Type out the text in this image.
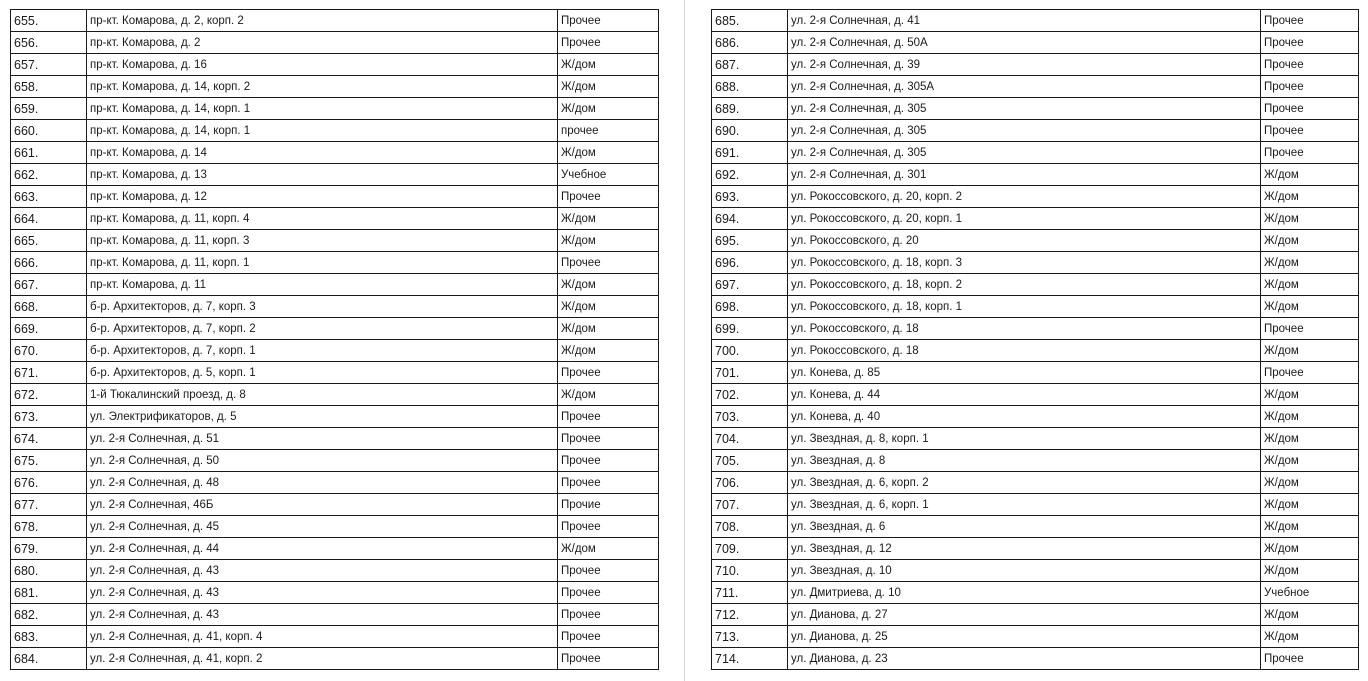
655.	пр-кт. Комарова, д. 2, корп. 2	Прочее
656.	пр-кт. Комарова, д. 2	Прочее
657.	пр-кт. Комарова, д. 16	Ж/дом
658.	пр-кт. Комарова, д. 14, корп. 2	Ж/дом
659.	пр-кт. Комарова, д. 14, корп. 1	Ж/дом
660.	пр-кт. Комарова, д. 14, корп. 1	прочее
661.	пр-кт. Комарова, д. 14	Ж/дом
662.	пр-кт. Комарова, д. 13	Учебное
663.	пр-кт. Комарова, д. 12	Прочее
664.	пр-кт. Комарова, д. 11, корп. 4	Ж/дом
665.	пр-кт. Комарова, д. 11, корп. 3	Ж/дом
666.	пр-кт. Комарова, д. 11, корп. 1	Прочее
667.	пр-кт. Комарова, д. 11	Ж/дом
668.	б-р. Архитекторов, д. 7, корп. 3	Ж/дом
669.	б-р. Архитекторов, д. 7, корп. 2	Ж/дом
670.	б-р. Архитекторов, д. 7, корп. 1	Ж/дом
671.	б-р. Архитекторов, д. 5, корп. 1	Прочее
672.	1-й Тюкалинский проезд, д. 8	Ж/дом
673.	ул. Электрификаторов, д. 5	Прочее
674.	ул. 2-я Солнечная, д. 51	Прочее
675.	ул. 2-я Солнечная, д. 50	Прочее
676.	ул. 2-я Солнечная, д. 48	Прочее
677.	ул. 2-я Солнечная, 46Б	Прочие
678.	ул. 2-я Солнечная, д. 45	Прочее
679.	ул. 2-я Солнечная, д. 44	Ж/дом
680.	ул. 2-я Солнечная, д. 43	Прочее
681.	ул. 2-я Солнечная, д. 43	Прочее
682.	ул. 2-я Солнечная, д. 43	Прочее
683.	ул. 2-я Солнечная, д. 41, корп. 4	Прочее
684.	ул. 2-я Солнечная, д. 41, корп. 2	Прочее
685.	ул. 2-я Солнечная, д. 41	Прочее
686.	ул. 2-я Солнечная, д. 50А	Прочее
687.	ул. 2-я Солнечная, д. 39	Прочее
688.	ул. 2-я Солнечная, д. 305А	Прочее
689.	ул. 2-я Солнечная, д. 305	Прочее
690.	ул. 2-я Солнечная, д. 305	Прочее
691.	ул. 2-я Солнечная, д. 305	Прочее
692.	ул. 2-я Солнечная, д. 301	Ж/дом
693.	ул. Рокоссовского, д. 20, корп. 2	Ж/дом
694.	ул. Рокоссовского, д. 20, корп. 1	Ж/дом
695.	ул. Рокоссовского, д. 20	Ж/дом
696.	ул. Рокоссовского, д. 18, корп. 3	Ж/дом
697.	ул. Рокоссовского, д. 18, корп. 2	Ж/дом
698.	ул. Рокоссовского, д. 18, корп. 1	Ж/дом
699.	ул. Рокоссовского, д. 18	Прочее
700.	ул. Рокоссовского, д. 18	Ж/дом
701.	ул. Конева, д. 85	Прочее
702.	ул. Конева, д. 44	Ж/дом
703.	ул. Конева, д. 40	Ж/дом
704.	ул. Звездная, д. 8, корп. 1	Ж/дом
705.	ул. Звездная, д. 8	Ж/дом
706.	ул. Звездная, д. 6, корп. 2	Ж/дом
707.	ул. Звездная, д. 6, корп. 1	Ж/дом
708.	ул. Звездная, д. 6	Ж/дом
709.	ул. Звездная, д. 12	Ж/дом
710.	ул. Звездная, д. 10	Ж/дом
711.	ул. Дмитриева, д. 10	Учебное
712.	ул. Дианова, д. 27	Ж/дом
713.	ул. Дианова, д. 25	Ж/дом
714.	ул. Дианова, д. 23	Прочее
